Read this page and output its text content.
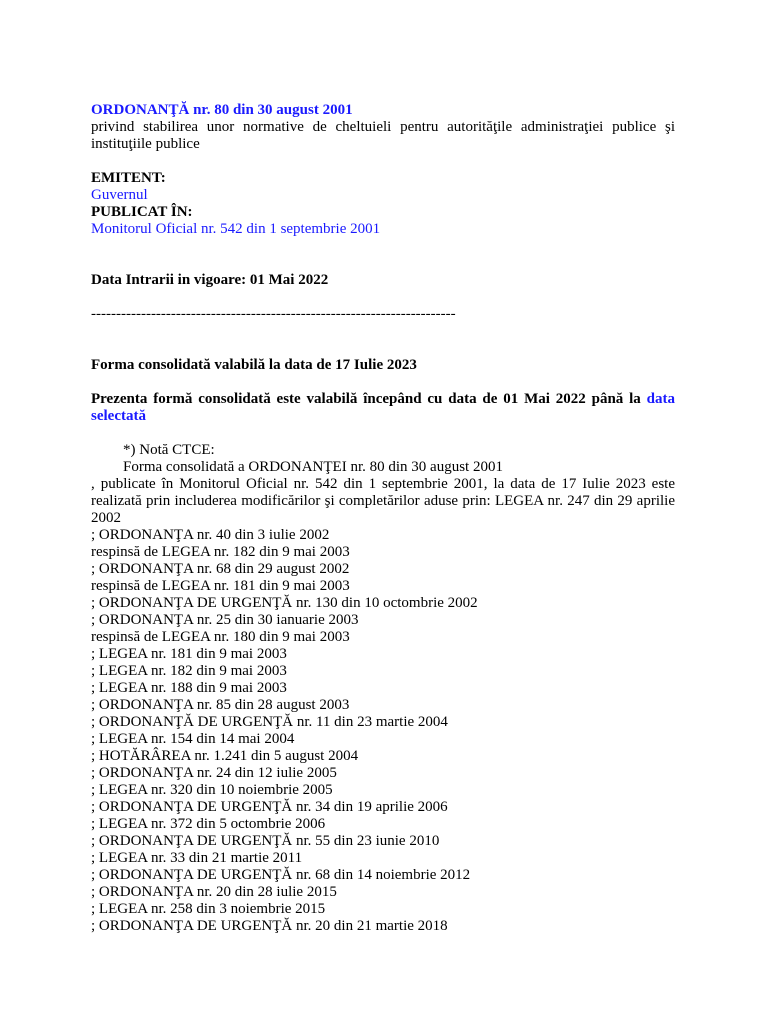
ORDONANŢĂ nr. 80 din 30 august 2001
privind stabilirea unor normative de cheltuieli pentru autorităţile administraţiei publice şi instituţiile publice
EMITENT:
Guvernul
PUBLICAT ÎN:
Monitorul Oficial nr. 542 din 1 septembrie 2001
Data Intrarii in vigoare: 01 Mai 2022
-------------------------------------------------------------------------
Forma consolidată valabilă la data de 17 Iulie 2023
Prezenta formă consolidată este valabilă începând cu data de 01 Mai 2022 până la data selectată
*) Notă CTCE:
Forma consolidată a ORDONANŢEI nr. 80 din 30 august 2001
, publicate în Monitorul Oficial nr. 542 din 1 septembrie 2001, la data de 17 Iulie 2023 este realizată prin includerea modificărilor şi completărilor aduse prin: LEGEA nr. 247 din 29 aprilie 2002
; ORDONANŢA nr. 40 din 3 iulie 2002
respinsă de LEGEA nr. 182 din 9 mai 2003
; ORDONANŢA nr. 68 din 29 august 2002
respinsă de LEGEA nr. 181 din 9 mai 2003
; ORDONANŢA DE URGENŢĂ nr. 130 din 10 octombrie 2002
; ORDONANŢA nr. 25 din 30 ianuarie 2003
respinsă de LEGEA nr. 180 din 9 mai 2003
; LEGEA nr. 181 din 9 mai 2003
; LEGEA nr. 182 din 9 mai 2003
; LEGEA nr. 188 din 9 mai 2003
; ORDONANŢA nr. 85 din 28 august 2003
; ORDONANŢĂ DE URGENŢĂ nr. 11 din 23 martie 2004
; LEGEA nr. 154 din 14 mai 2004
; HOTĂRÂREA nr. 1.241 din 5 august 2004
; ORDONANŢA nr. 24 din 12 iulie 2005
; LEGEA nr. 320 din 10 noiembrie 2005
; ORDONANŢA DE URGENŢĂ nr. 34 din 19 aprilie 2006
; LEGEA nr. 372 din 5 octombrie 2006
; ORDONANŢA DE URGENŢĂ nr. 55 din 23 iunie 2010
; LEGEA nr. 33 din 21 martie 2011
; ORDONANŢA DE URGENŢĂ nr. 68 din 14 noiembrie 2012
; ORDONANŢA nr. 20 din 28 iulie 2015
; LEGEA nr. 258 din 3 noiembrie 2015
; ORDONANŢA DE URGENŢĂ nr. 20 din 21 martie 2018
